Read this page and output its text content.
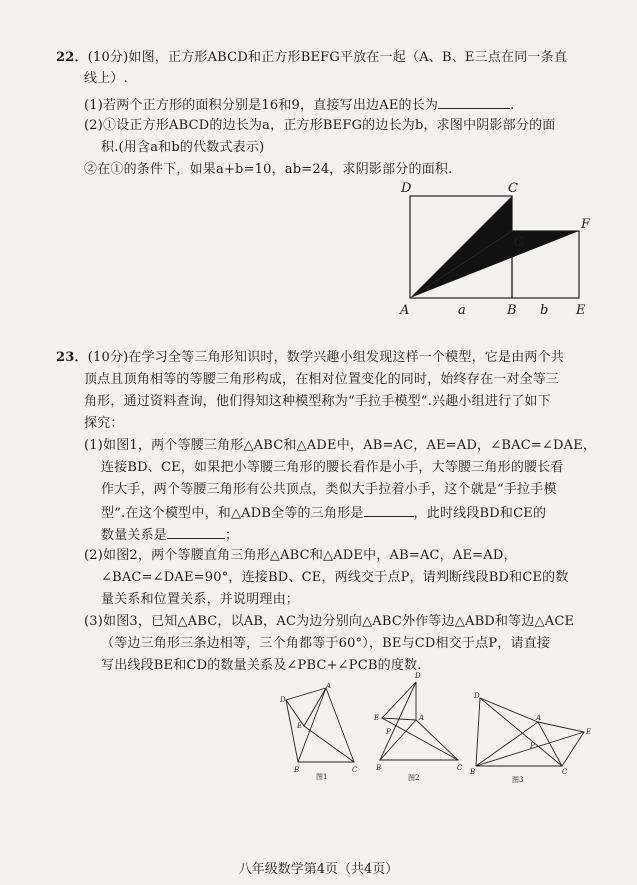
22．(10分)如图，正方形ABCD和正方形BEFG平放在一起（A、B、E三点在同一条直
线上）.
(1)若两个正方形的面积分别是16和9，直接写出边AE的长为	.
(2)①设正方形ABCD的边长为a，正方形BEFG的边长为b，求图中阴影部分的面
积.(用含a和b的代数式表示)
②在①的条件下，如果a+b=10，ab=24，求阴影部分的面积.
D	C
G
F
A	a	B b E
23．(10分)在学习全等三角形知识时，数学兴趣小组发现这样一个模型，它是由两个共
顶点且顶角相等的等腰三角形构成，在相对位置变化的同时，始终存在一对全等三
角形，通过资料查询，他们得知这种模型称为“手拉手模型”.兴趣小组进行了如下
探究：
(1)如图1，两个等腰三角形△ABC和△ADE中，AB=AC，AE=AD，∠BAC=∠DAE，
连接BD、CE，如果把小等腰三角形的腰长看作是小手，大等腰三角形的腰长看
作大手，两个等腰三角形有公共顶点，类似大手拉着小手，这个就是“手拉手模
型”.在这个模型中，和△ADB全等的三角形是	，此时线段BD和CE的
数量关系是	；
(2)如图2，两个等腰直角三角形△ABC和△ADE中，AB=AC，AE=AD，
∠BAC=∠DAE=90°，连接BD、CE，两线交于点P，请判断线段BD和CE的数
量关系和位置关系，并说明理由；
(3)如图3，已知△ABC，以AB，AC为边分别向△ABC外作等边△ABD和等边△ACE
（等边三角形三条边相等，三个角都等于60°），BE与CD相交于点P，请直接
写出线段BE和CD的数量关系及∠PBC+∠PCB的度数.
D
A
E
B	C
图1
D
E	A
P
B	C
图2
D
A
E
P
B	C
图3
八年级数学第4页（共4页）
